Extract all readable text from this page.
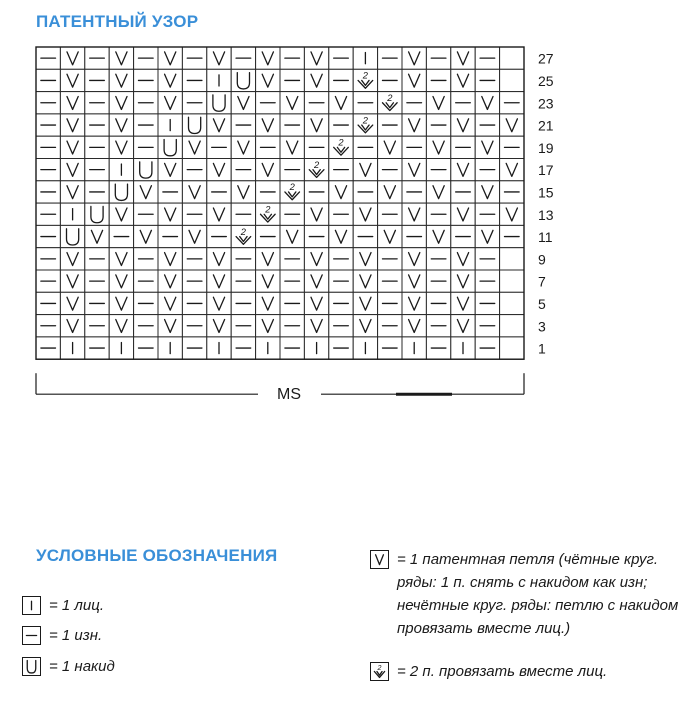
ПАТЕНТНЫЙ УЗОР
2
2
2
2
2
2
2
2
27
25
23
21
19
17
15
13
11
9
7
5
3
1
MS
УСЛОВНЫЕ ОБОЗНАЧЕНИЯ
= 1 лиц.
= 1 изн.
= 1 накид
= 1 патентная петля (чётные круг. ряды: 1 п. снять с накидом как изн; нечётные круг. ряды: петлю с накидом провязать вместе лиц.)
2 = 2 п. провязать вместе лиц.
